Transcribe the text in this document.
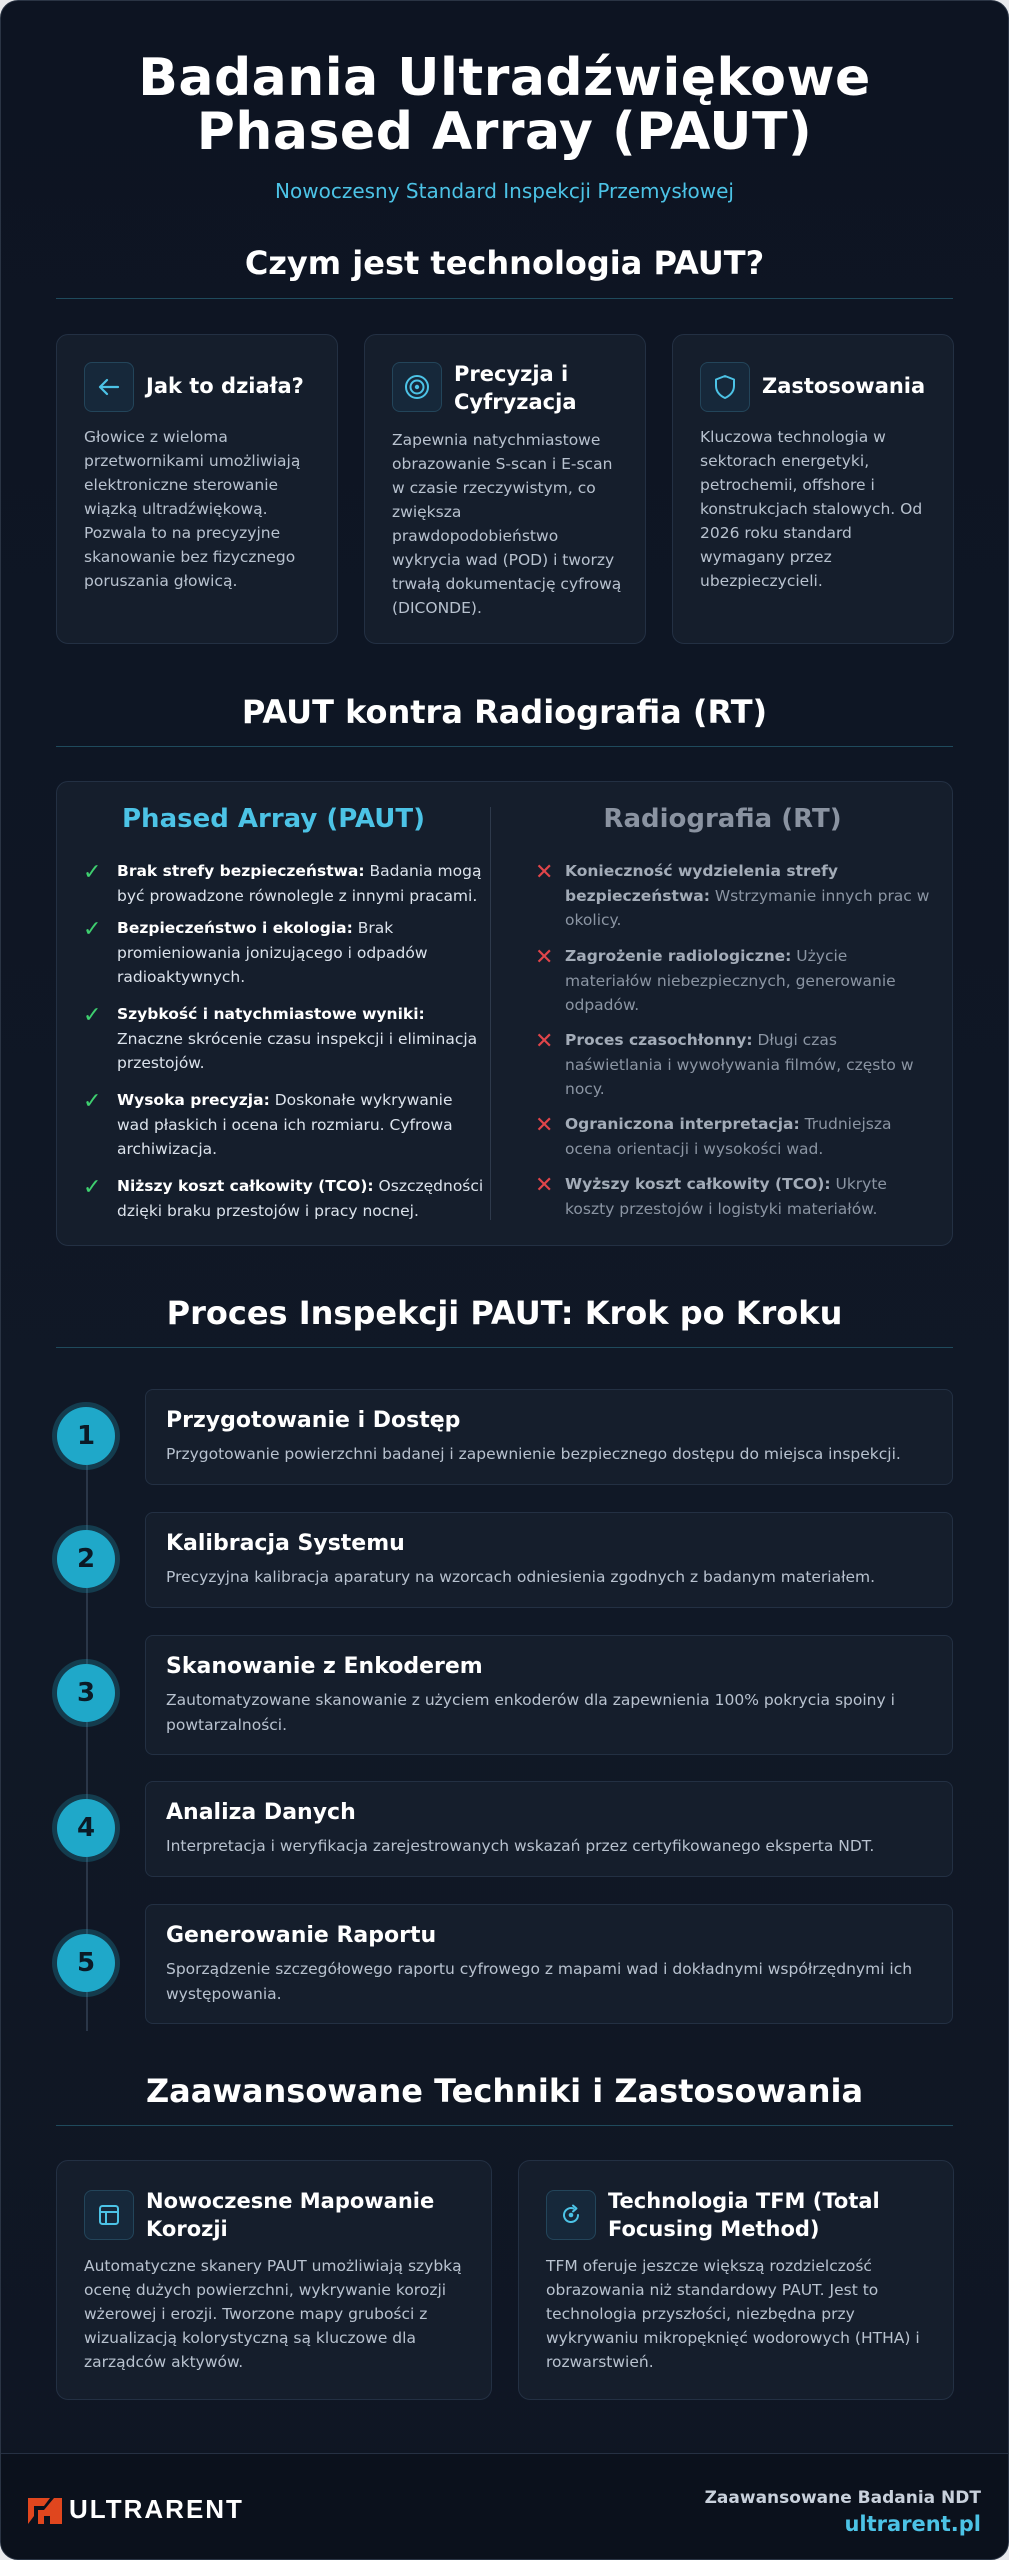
Badania Ultradźwiękowe
Phased Array (PAUT)
Nowoczesny Standard Inspekcji Przemysłowej
Czym jest technologia PAUT?
Jak to działa?
Głowice z wieloma
przetwornikami umożliwiają
elektroniczne sterowanie
wiązką ultradźwiękową.
Pozwala to na precyzyjne
skanowanie bez fizycznego
poruszania głowicą.
Precyzja i
Cyfryzacja
Zapewnia natychmiastowe
obrazowanie S-scan i E-scan
w czasie rzeczywistym, co
zwiększa
prawdopodobieństwo
wykrycia wad (POD) i tworzy
trwałą dokumentację cyfrową
(DICONDE).
Zastosowania
Kluczowa technologia w
sektorach energetyki,
petrochemii, offshore i
konstrukcjach stalowych. Od
2026 roku standard
wymagany przez
ubezpieczycieli.
PAUT kontra Radiografia (RT)
Phased Array (PAUT)
✓ Brak strefy bezpieczeństwa: Badania mogą
być prowadzone równolegle z innymi pracami.
✓ Bezpieczeństwo i ekologia: Brak
promieniowania jonizującego i odpadów
radioaktywnych.
✓ Szybkość i natychmiastowe wyniki:
Znaczne skrócenie czasu inspekcji i eliminacja
przestojów.
✓ Wysoka precyzja: Doskonałe wykrywanie
wad płaskich i ocena ich rozmiaru. Cyfrowa
archiwizacja.
✓ Niższy koszt całkowity (TCO): Oszczędności
dzięki braku przestojów i pracy nocnej.
Radiografia (RT)
✕ Konieczność wydzielenia strefy
bezpieczeństwa: Wstrzymanie innych prac w
okolicy.
✕ Zagrożenie radiologiczne: Użycie
materiałów niebezpiecznych, generowanie
odpadów.
✕ Proces czasochłonny: Długi czas
naświetlania i wywoływania filmów, często w
nocy.
✕ Ograniczona interpretacja: Trudniejsza
ocena orientacji i wysokości wad.
✕ Wyższy koszt całkowity (TCO): Ukryte
koszty przestojów i logistyki materiałów.
Proces Inspekcji PAUT: Krok po Kroku
1
Przygotowanie i Dostęp
Przygotowanie powierzchni badanej i zapewnienie bezpiecznego dostępu do miejsca inspekcji.
2
Kalibracja Systemu
Precyzyjna kalibracja aparatury na wzorcach odniesienia zgodnych z badanym materiałem.
3
Skanowanie z Enkoderem
Zautomatyzowane skanowanie z użyciem enkoderów dla zapewnienia 100% pokrycia spoiny i
powtarzalności.
4
Analiza Danych
Interpretacja i weryfikacja zarejestrowanych wskazań przez certyfikowanego eksperta NDT.
5
Generowanie Raportu
Sporządzenie szczegółowego raportu cyfrowego z mapami wad i dokładnymi współrzędnymi ich
występowania.
Zaawansowane Techniki i Zastosowania
Nowoczesne Mapowanie
Korozji
Automatyczne skanery PAUT umożliwiają szybką
ocenę dużych powierzchni, wykrywanie korozji
wżerowej i erozji. Tworzone mapy grubości z
wizualizacją kolorystyczną są kluczowe dla
zarządców aktywów.
Technologia TFM (Total
Focusing Method)
TFM oferuje jeszcze większą rozdzielczość
obrazowania niż standardowy PAUT. Jest to
technologia przyszłości, niezbędna przy
wykrywaniu mikropęknięć wodorowych (HTHA) i
rozwarstwień.
ULTRARENT	Zaawansowane Badania NDT
ultrarent.pl
